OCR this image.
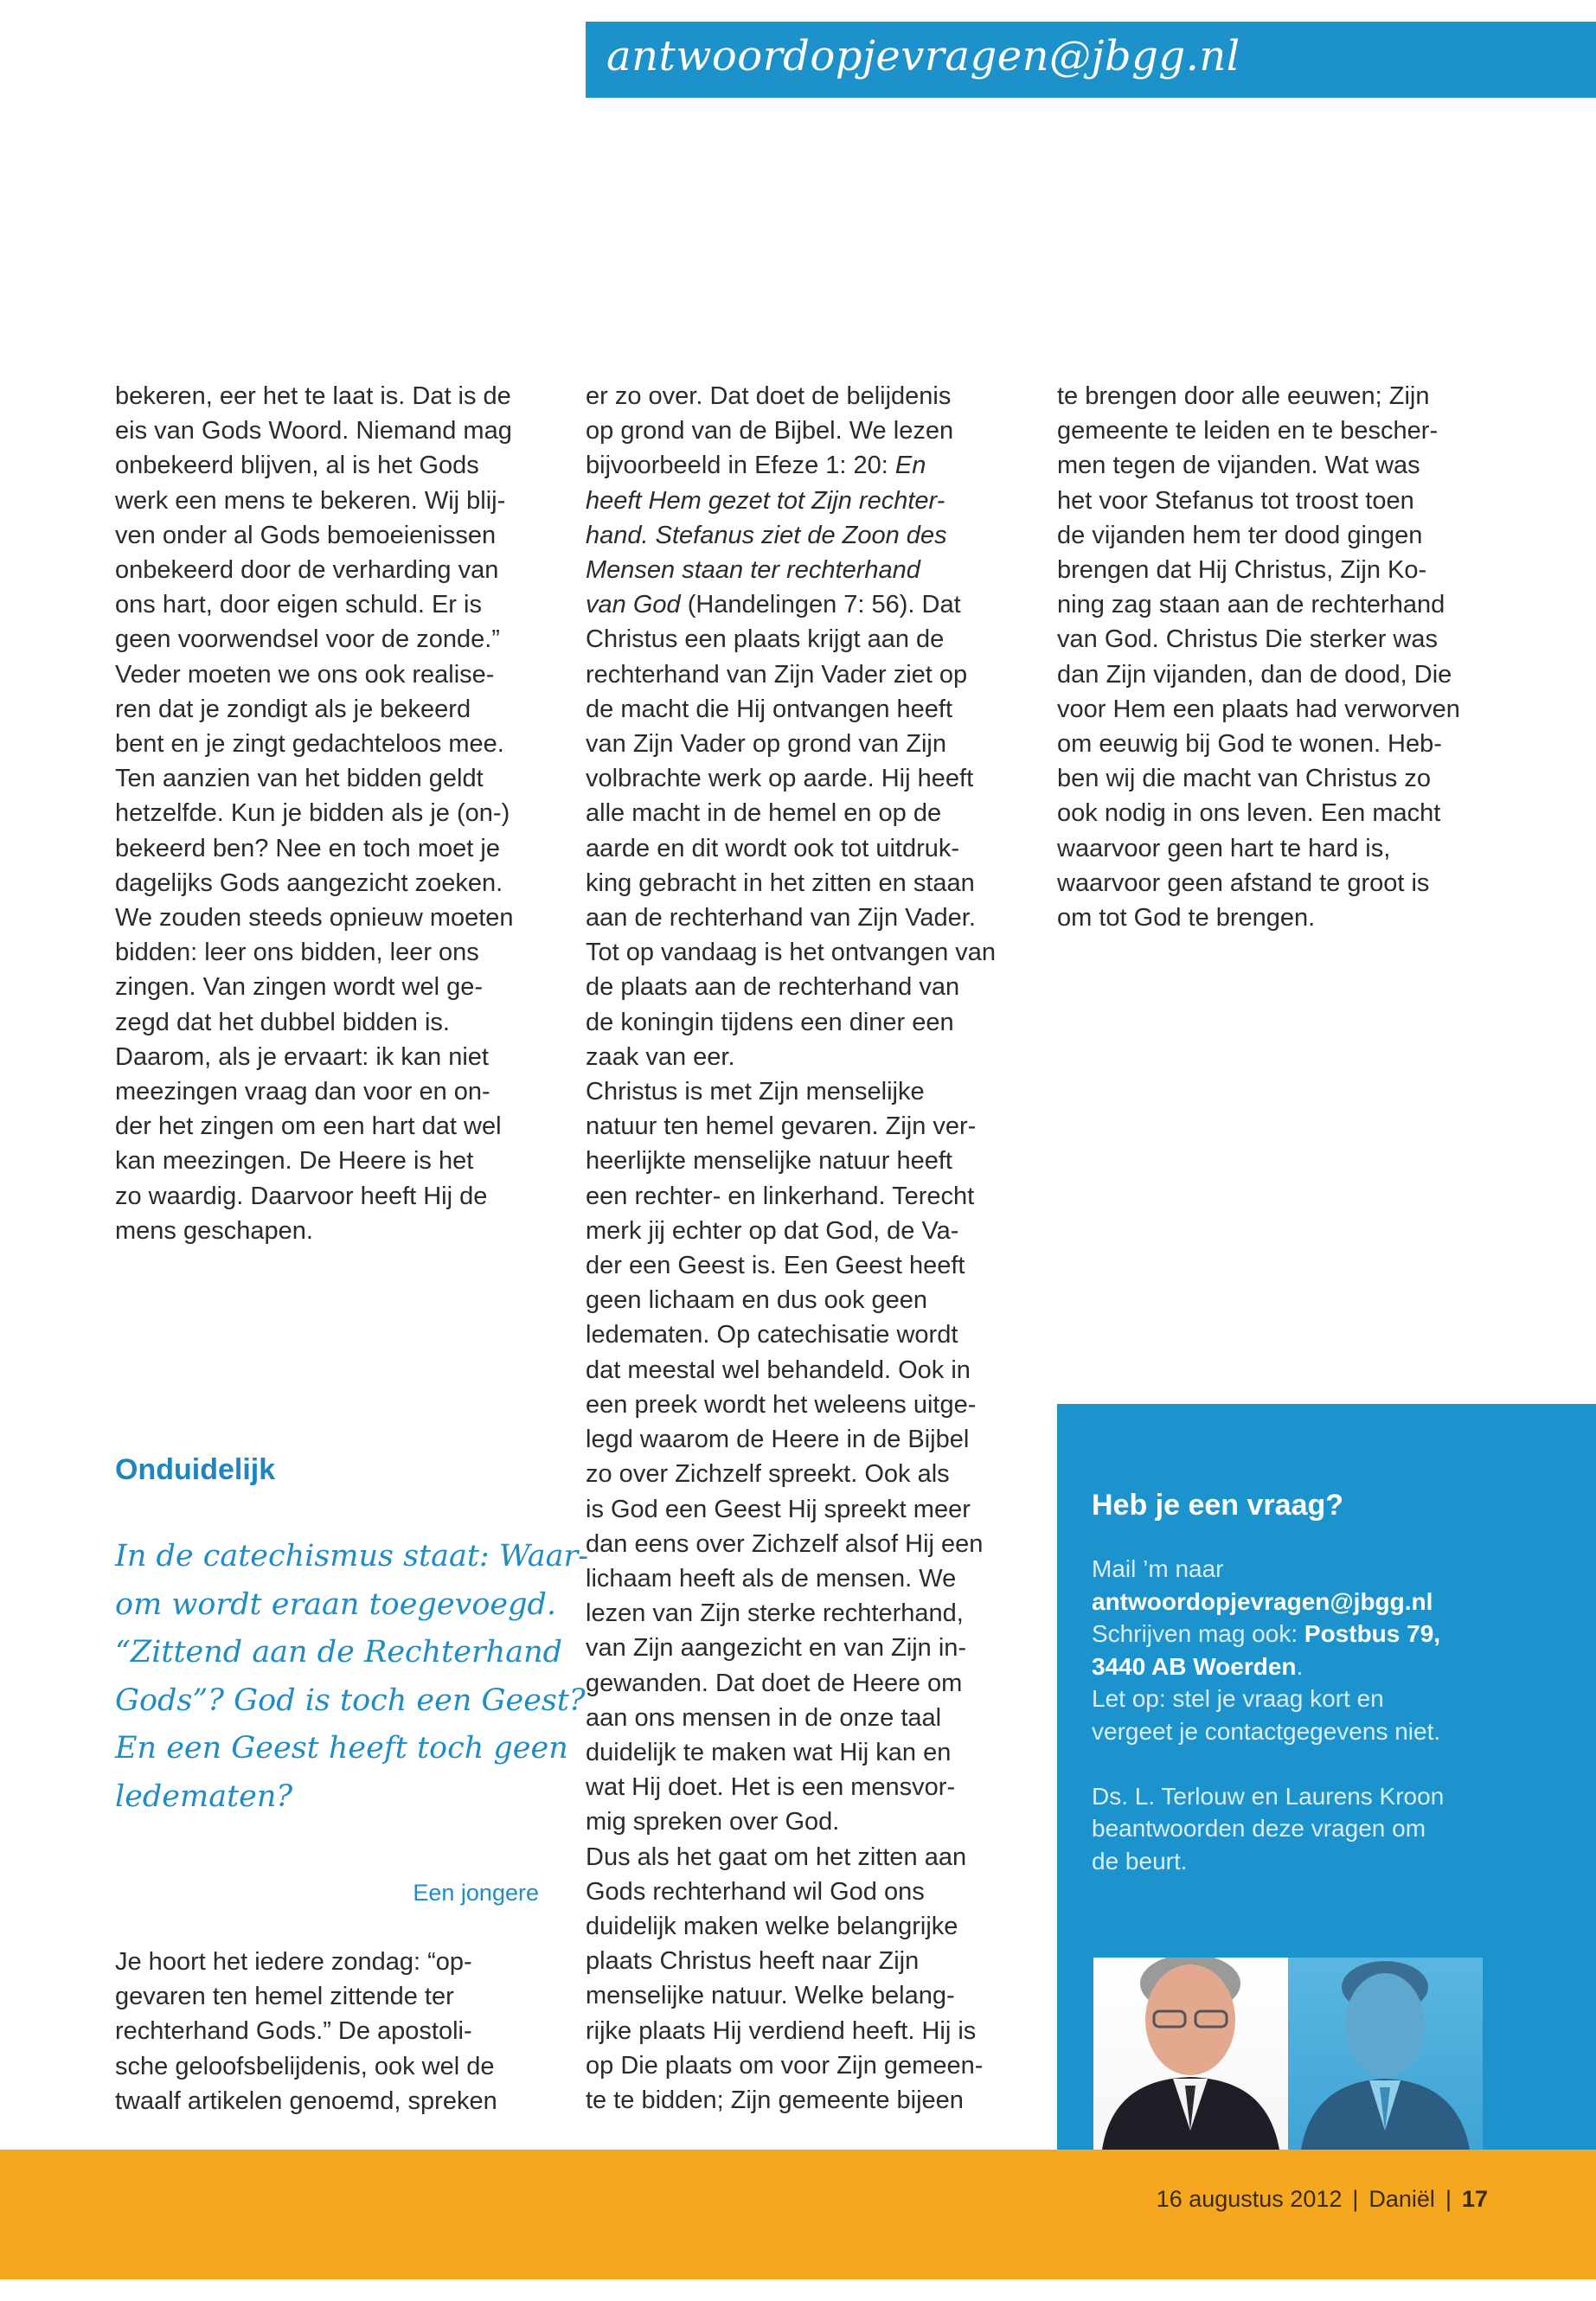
antwoordopjevragen@jbgg.nl
bekeren, eer het te laat is. Dat is de
eis van Gods Woord. Niemand mag
onbekeerd blijven, al is het Gods
werk een mens te bekeren. Wij blij-
ven onder al Gods bemoeienissen
onbekeerd door de verharding van
ons hart, door eigen schuld. Er is
geen voorwendsel voor de zonde.”
Veder moeten we ons ook realise-
ren dat je zondigt als je bekeerd
bent en je zingt gedachteloos mee.
Ten aanzien van het bidden geldt
hetzelfde. Kun je bidden als je (on-)
bekeerd ben? Nee en toch moet je
dagelijks Gods aangezicht zoeken.
We zouden steeds opnieuw moeten
bidden: leer ons bidden, leer ons
zingen. Van zingen wordt wel ge-
zegd dat het dubbel bidden is.
Daarom, als je ervaart: ik kan niet
meezingen vraag dan voor en on-
der het zingen om een hart dat wel
kan meezingen. De Heere is het
zo waardig. Daarvoor heeft Hij de
mens geschapen.
Onduidelijk
In de catechismus staat: Waar-
om wordt eraan toegevoegd.
“Zittend aan de Rechterhand
Gods”? God is toch een Geest?
En een Geest heeft toch geen
ledematen?
Een jongere
Je hoort het iedere zondag: “op-
gevaren ten hemel zittende ter
rechterhand Gods.” De apostoli-
sche geloofsbelijdenis, ook wel de
twaalf artikelen genoemd, spreken
er zo over. Dat doet de belijdenis
op grond van de Bijbel. We lezen
bijvoorbeeld in Efeze 1: 20: En
heeft Hem gezet tot Zijn rechter-
hand. Stefanus ziet de Zoon des
Mensen staan ter rechterhand
van God (Handelingen 7: 56). Dat
Christus een plaats krijgt aan de
rechterhand van Zijn Vader ziet op
de macht die Hij ontvangen heeft
van Zijn Vader op grond van Zijn
volbrachte werk op aarde. Hij heeft
alle macht in de hemel en op de
aarde en dit wordt ook tot uitdruk-
king gebracht in het zitten en staan
aan de rechterhand van Zijn Vader.
Tot op vandaag is het ontvangen van
de plaats aan de rechterhand van
de koningin tijdens een diner een
zaak van eer.
Christus is met Zijn menselijke
natuur ten hemel gevaren. Zijn ver-
heerlijkte menselijke natuur heeft
een rechter- en linkerhand. Terecht
merk jij echter op dat God, de Va-
der een Geest is. Een Geest heeft
geen lichaam en dus ook geen
ledematen. Op catechisatie wordt
dat meestal wel behandeld. Ook in
een preek wordt het weleens uitge-
legd waarom de Heere in de Bijbel
zo over Zichzelf spreekt. Ook als
is God een Geest Hij spreekt meer
dan eens over Zichzelf alsof Hij een
lichaam heeft als de mensen. We
lezen van Zijn sterke rechterhand,
van Zijn aangezicht en van Zijn in-
gewanden. Dat doet de Heere om
aan ons mensen in de onze taal
duidelijk te maken wat Hij kan en
wat Hij doet. Het is een mensvor-
mig spreken over God.
Dus als het gaat om het zitten aan
Gods rechterhand wil God ons
duidelijk maken welke belangrijke
plaats Christus heeft naar Zijn
menselijke natuur. Welke belang-
rijke plaats Hij verdiend heeft. Hij is
op Die plaats om voor Zijn gemeen-
te te bidden; Zijn gemeente bijeen
te brengen door alle eeuwen; Zijn
gemeente te leiden en te bescher-
men tegen de vijanden. Wat was
het voor Stefanus tot troost toen
de vijanden hem ter dood gingen
brengen dat Hij Christus, Zijn Ko-
ning zag staan aan de rechterhand
van God. Christus Die sterker was
dan Zijn vijanden, dan de dood, Die
voor Hem een plaats had verworven
om eeuwig bij God te wonen. Heb-
ben wij die macht van Christus zo
ook nodig in ons leven. Een macht
waarvoor geen hart te hard is,
waarvoor geen afstand te groot is
om tot God te brengen.
Heb je een vraag?
Mail ’m naar
antwoordopjevragen@jbgg.nl
Schrijven mag ook: Postbus 79,
3440 AB Woerden.
Let op: stel je vraag kort en
vergeet je contactgegevens niet.
Ds. L. Terlouw en Laurens Kroon
beantwoorden deze vragen om
de beurt.
16 augustus 2012 | Daniël | 17
